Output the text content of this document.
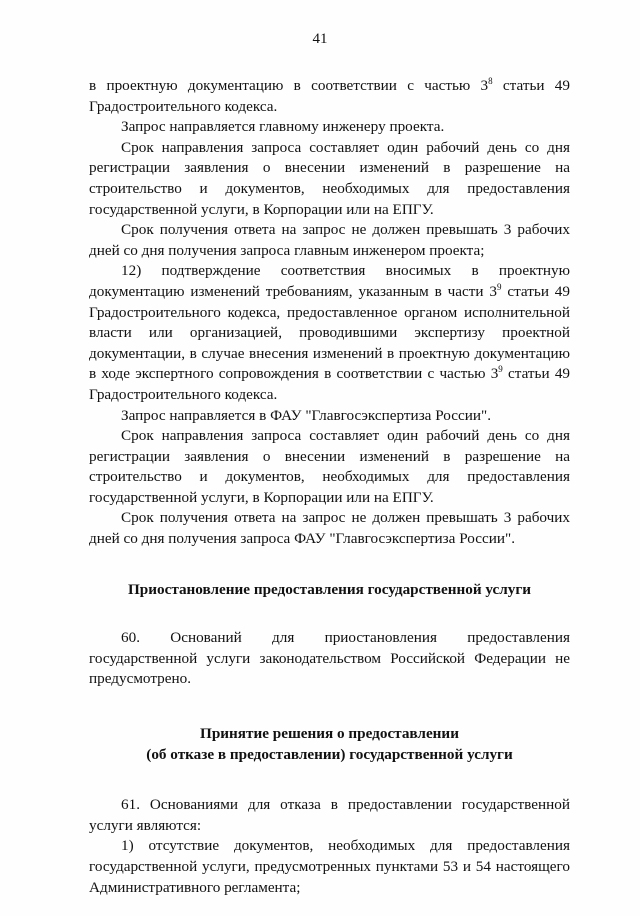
41

в проектную документацию в соответствии с частью $3^8$ статьи 49 Градостроительного кодекса.

Запрос направляется главному инженеру проекта.

Срок направления запроса составляет один рабочий день со дня регистрации заявления о внесении изменений в разрешение на строительство и документов, необходимых для предоставления государственной услуги, в Корпорации или на ЕПГУ.

Срок получения ответа на запрос не должен превышать 3 рабочих дней со дня получения запроса главным инженером проекта;

12) подтверждение соответствия вносимых в проектную документацию изменений требованиям, указанным в части $3^9$ статьи 49 Градостроительного кодекса, предоставленное органом исполнительной власти или организацией, проводившими экспертизу проектной документации, в случае внесения изменений в проектную документацию в ходе экспертного сопровождения в соответствии с частью $3^9$ статьи 49 Градостроительного кодекса.

Запрос направляется в ФАУ "Главгосэкспертиза России".

Срок направления запроса составляет один рабочий день со дня регистрации заявления о внесении изменений в разрешение на строительство и документов, необходимых для предоставления государственной услуги, в Корпорации или на ЕПГУ.

Срок получения ответа на запрос не должен превышать 3 рабочих дней со дня получения запроса ФАУ "Главгосэкспертиза России".

Приостановление предоставления государственной услуги

60. Оснований для приостановления предоставления государственной услуги законодательством Российской Федерации не предусмотрено.

Принятие решения о предоставлении

(об отказе в предоставлении) государственной услуги

61. Основаниями для отказа в предоставлении государственной услуги являются:

1) отсутствие документов, необходимых для предоставления государственной услуги, предусмотренных пунктами 53 и 54 настоящего Административного регламента;
